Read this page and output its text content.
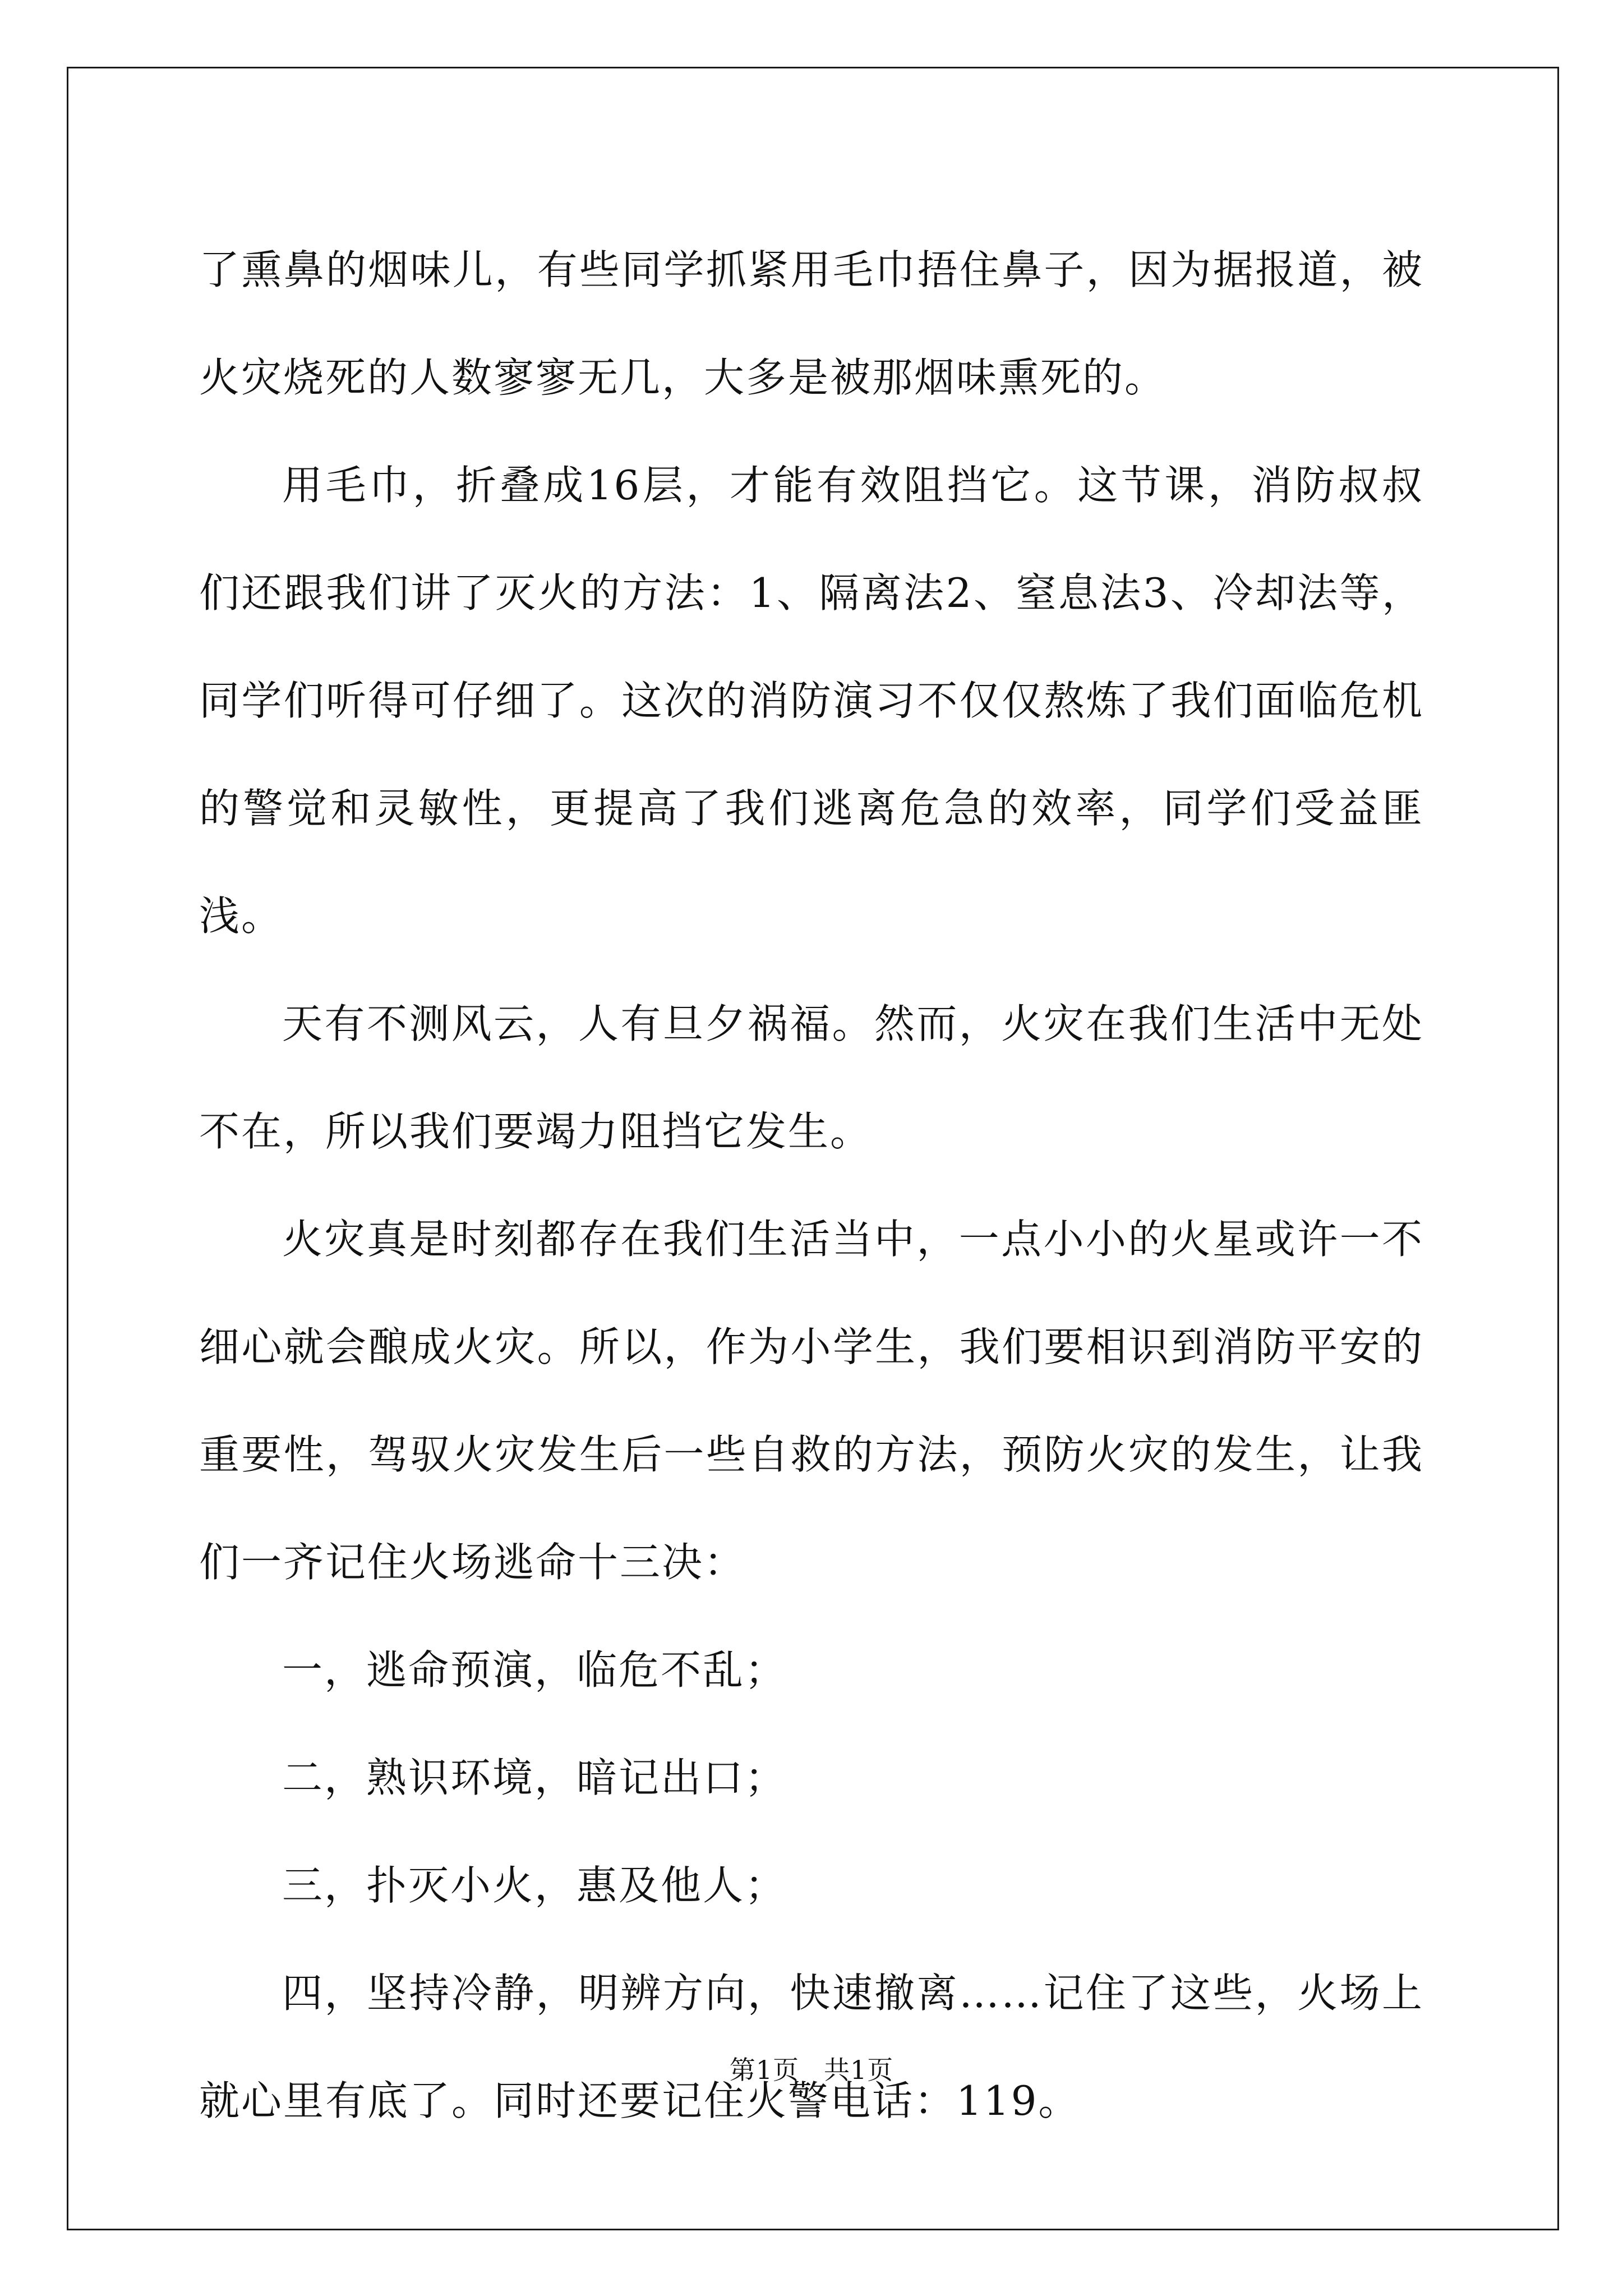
了熏鼻的烟味儿，有些同学抓紧用毛巾捂住鼻子，因为据报道，被火灾烧死的人数寥寥无几，大多是被那烟味熏死的。

用毛巾，折叠成16层，才能有效阻挡它。这节课，消防叔叔们还跟我们讲了灭火的方法：1、隔离法2、窒息法3、冷却法等，同学们听得可仔细了。这次的消防演习不仅仅熬炼了我们面临危机的警觉和灵敏性，更提高了我们逃离危急的效率，同学们受益匪浅。

天有不测风云，人有旦夕祸福。然而，火灾在我们生活中无处不在，所以我们要竭力阻挡它发生。

火灾真是时刻都存在我们生活当中，一点小小的火星或许一不细心就会酿成火灾。所以，作为小学生，我们要相识到消防平安的重要性，驾驭火灾发生后一些自救的方法，预防火灾的发生，让我们一齐记住火场逃命十三决：

一，逃命预演，临危不乱；

二，熟识环境，暗记出口；

三，扑灭小火，惠及他人；

四，坚持冷静，明辨方向，快速撤离……记住了这些，火场上就心里有底了。同时还要记住火警电话：119。

第1页 共1页
